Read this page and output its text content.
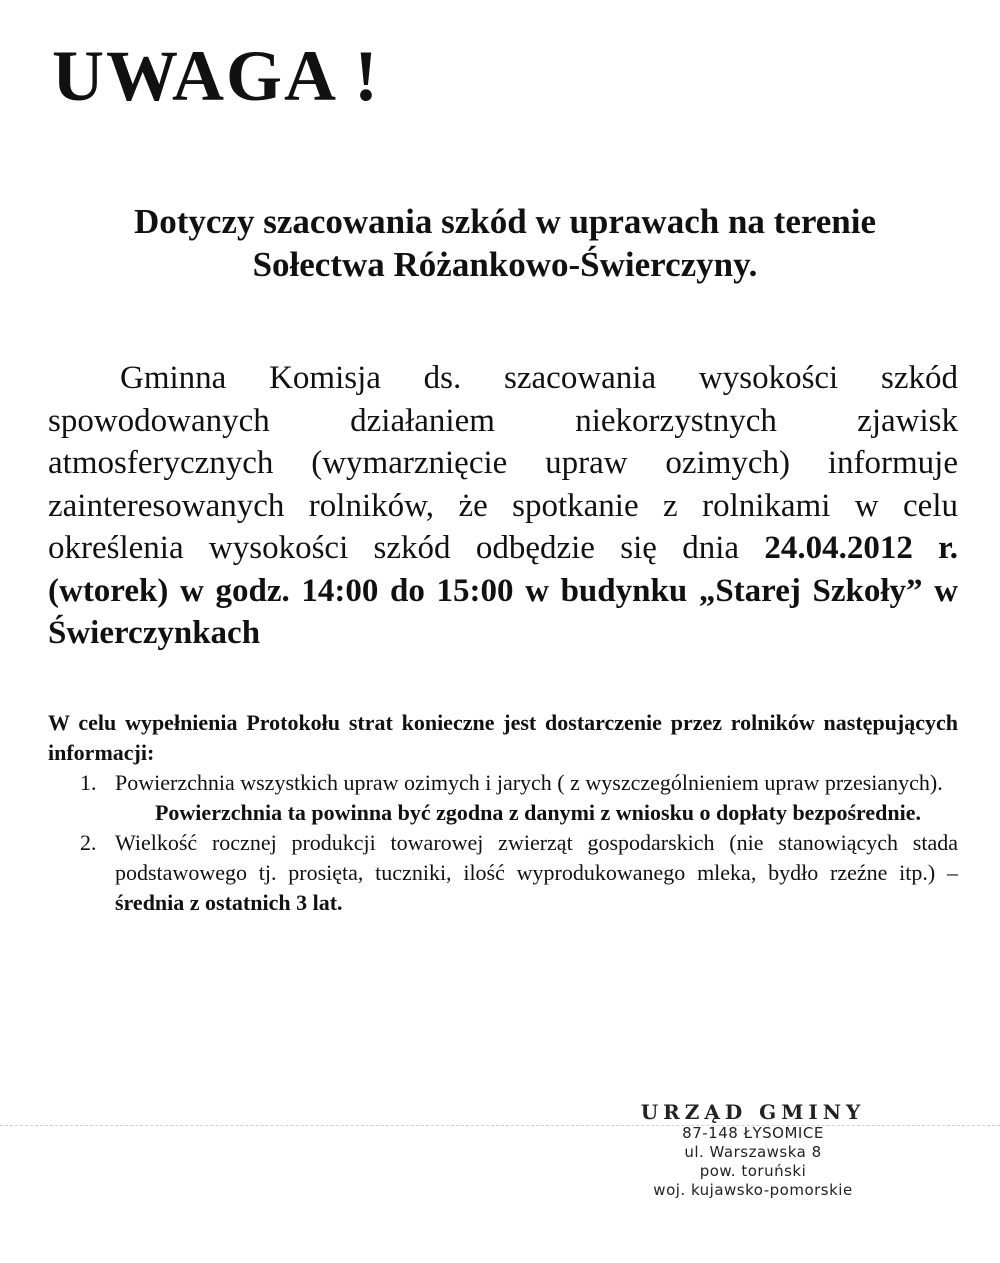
UWAGA !
Dotyczy szacowania szkód w uprawach na terenie
Sołectwa Różankowo-Świerczyny.

Gminna Komisja ds. szacowania wysokości szkód spowodowanych działaniem niekorzystnych zjawisk atmosferycznych (wymarznięcie upraw ozimych) informuje zainteresowanych rolników, że spotkanie z rolnikami w celu określenia wysokości szkód odbędzie się dnia 24.04.2012 r. (wtorek) w godz. 14:00 do 15:00 w budynku „Starej Szkoły” w Świerczynkach

W celu wypełnienia Protokołu strat konieczne jest dostarczenie przez rolników następujących informacji:

1. Powierzchnia wszystkich upraw ozimych i jarych ( z wyszczególnieniem upraw przesianych).

Powierzchnia ta powinna być zgodna z danymi z wniosku o dopłaty bezpośrednie.

2. Wielkość rocznej produkcji towarowej zwierząt gospodarskich (nie stanowiących stada podstawowego tj. prosięta, tuczniki, ilość wyprodukowanego mleka, bydło rzeźne itp.) – średnia z ostatnich 3 lat.
URZĄD GMINY
87-148 ŁYSOMICE
ul. Warszawska 8
pow. toruński
woj. kujawsko-pomorskie
